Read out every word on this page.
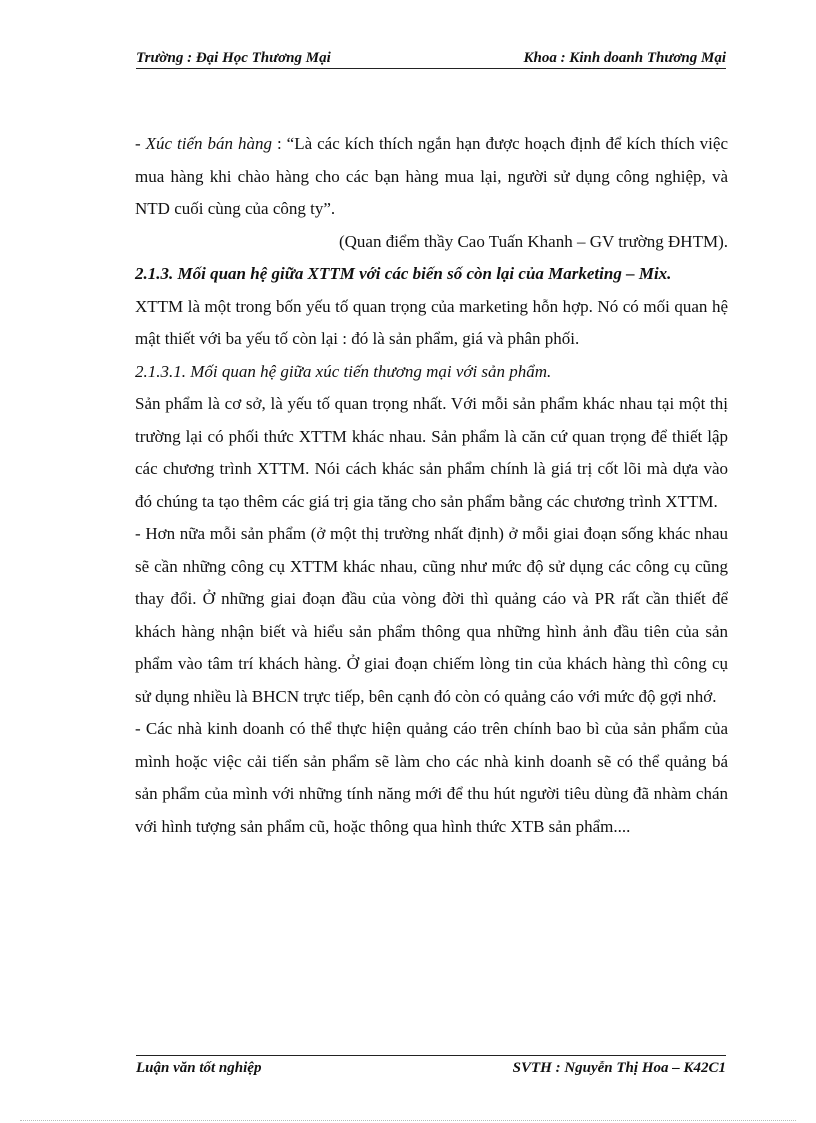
Trường : Đại Học Thương Mại	Khoa : Kinh doanh Thương Mại

- Xúc tiến bán hàng : “Là các kích thích ngắn hạn được hoạch định để kích thích việc mua hàng khi chào hàng cho các bạn hàng mua lại, người sử dụng công nghiệp, và NTD cuối cùng của công ty”.

(Quan điểm thầy Cao Tuấn Khanh – GV trường ĐHTM).

2.1.3. Mối quan hệ giữa XTTM với các biến số còn lại của Marketing – Mix.

XTTM là một trong bốn yếu tố quan trọng của marketing hỗn hợp. Nó có mối quan hệ mật thiết với ba yếu tố còn lại : đó là sản phẩm, giá và phân phối.

2.1.3.1. Mối quan hệ giữa xúc tiến thương mại với sản phẩm.

Sản phẩm là cơ sở, là yếu tố quan trọng nhất. Với mỗi sản phẩm khác nhau tại một thị trường lại có phối thức XTTM khác nhau. Sản phẩm là căn cứ quan trọng để thiết lập các chương trình XTTM. Nói cách khác sản phẩm chính là giá trị cốt lõi mà dựa vào đó chúng ta tạo thêm các giá trị gia tăng cho sản phẩm bằng các chương trình XTTM.

- Hơn nữa mỗi sản phẩm (ở một thị trường nhất định) ở mỗi giai đoạn sống khác nhau sẽ cần những công cụ XTTM khác nhau, cũng như mức độ sử dụng các công cụ cũng thay đổi. Ở những giai đoạn đầu của vòng đời thì quảng cáo và PR rất cần thiết để khách hàng nhận biết và hiểu sản phẩm thông qua những hình ảnh đầu tiên của sản phẩm vào tâm trí khách hàng. Ở giai đoạn chiếm lòng tin của khách hàng thì công cụ sử dụng nhiều là BHCN trực tiếp, bên cạnh đó còn có quảng cáo với mức độ gợi nhớ.

- Các nhà kinh doanh có thể thực hiện quảng cáo trên chính bao bì của sản phẩm của mình hoặc việc cải tiến sản phẩm sẽ làm cho các nhà kinh doanh sẽ có thể quảng bá sản phẩm của mình với những tính năng mới để thu hút người tiêu dùng đã nhàm chán với hình tượng sản phẩm cũ, hoặc thông qua hình thức XTB sản phẩm....

Luận văn tốt nghiệp	SVTH : Nguyễn Thị Hoa – K42C1
